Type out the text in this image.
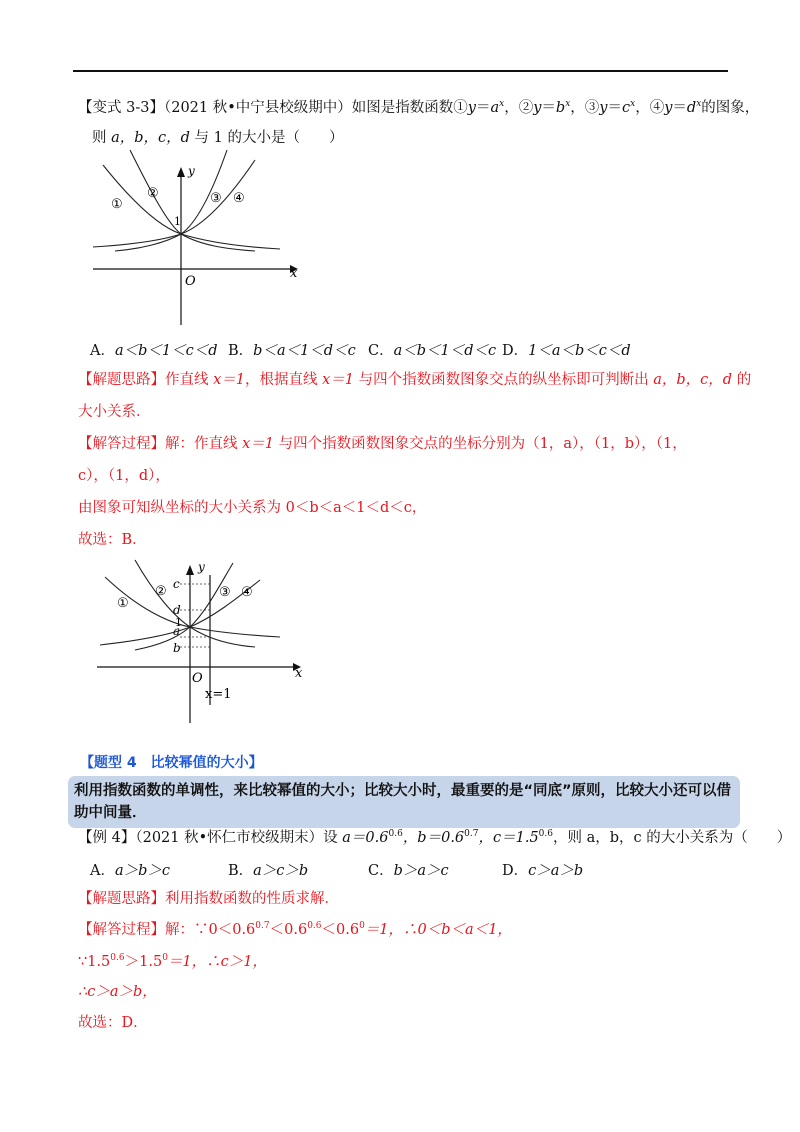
【变式 3-3】（2021 秋•中宁县校级期中）如图是指数函数$①y=a^x$，$②y=b^x$，$③y=c^x$，$④y=d^x$的图象，
则 a，b，c，d 与 1 的大小是（　　）
y
x
O
1
①
②	③ ④
A．a＜b＜1＜c＜d B．b＜a＜1＜d＜c C．a＜b＜1＜d＜c D．1＜a＜b＜c＜d
【解题思路】作直线 x＝1，根据直线 x＝1 与四个指数函数图象交点的纵坐标即可判断出 a，b，c，d 的
大小关系．
【解答过程】解：作直线 x＝1 与四个指数函数图象交点的坐标分别为（1，a），（1，b），（1，
c），（1，d），
由图象可知纵坐标的大小关系为 0＜b＜a＜1＜d＜c，
故选：B．
y
x
O
c
d
1
a
b
x=1
①
②	③ ④
【题型 4　比较幂值的大小】
利用指数函数的单调性，来比较幂值的大小；比较大小时，最重要的是“同底”原则，比较大小还可以借助中间量．
【例 4】（2021 秋•怀仁市校级期末）设 $a=0.6^{0.6}$，$b=0.6^{0.7}$，$c=1.5^{0.6}$，则 a，b，c 的大小关系为（　　）
A．a＞b＞c	B．a＞c＞b	C．b＞a＞c	D．c＞a＞b
【解题思路】利用指数函数的性质求解．
【解答过程】解：$\because 0<0.6^{0.7}<0.6^{0.6}<0.6^0=1$，∴0＜b＜a＜1，
$\because 1.5^{0.6}>1.5^0=1$，∴c＞1，
∴c＞a＞b，
故选：D．
